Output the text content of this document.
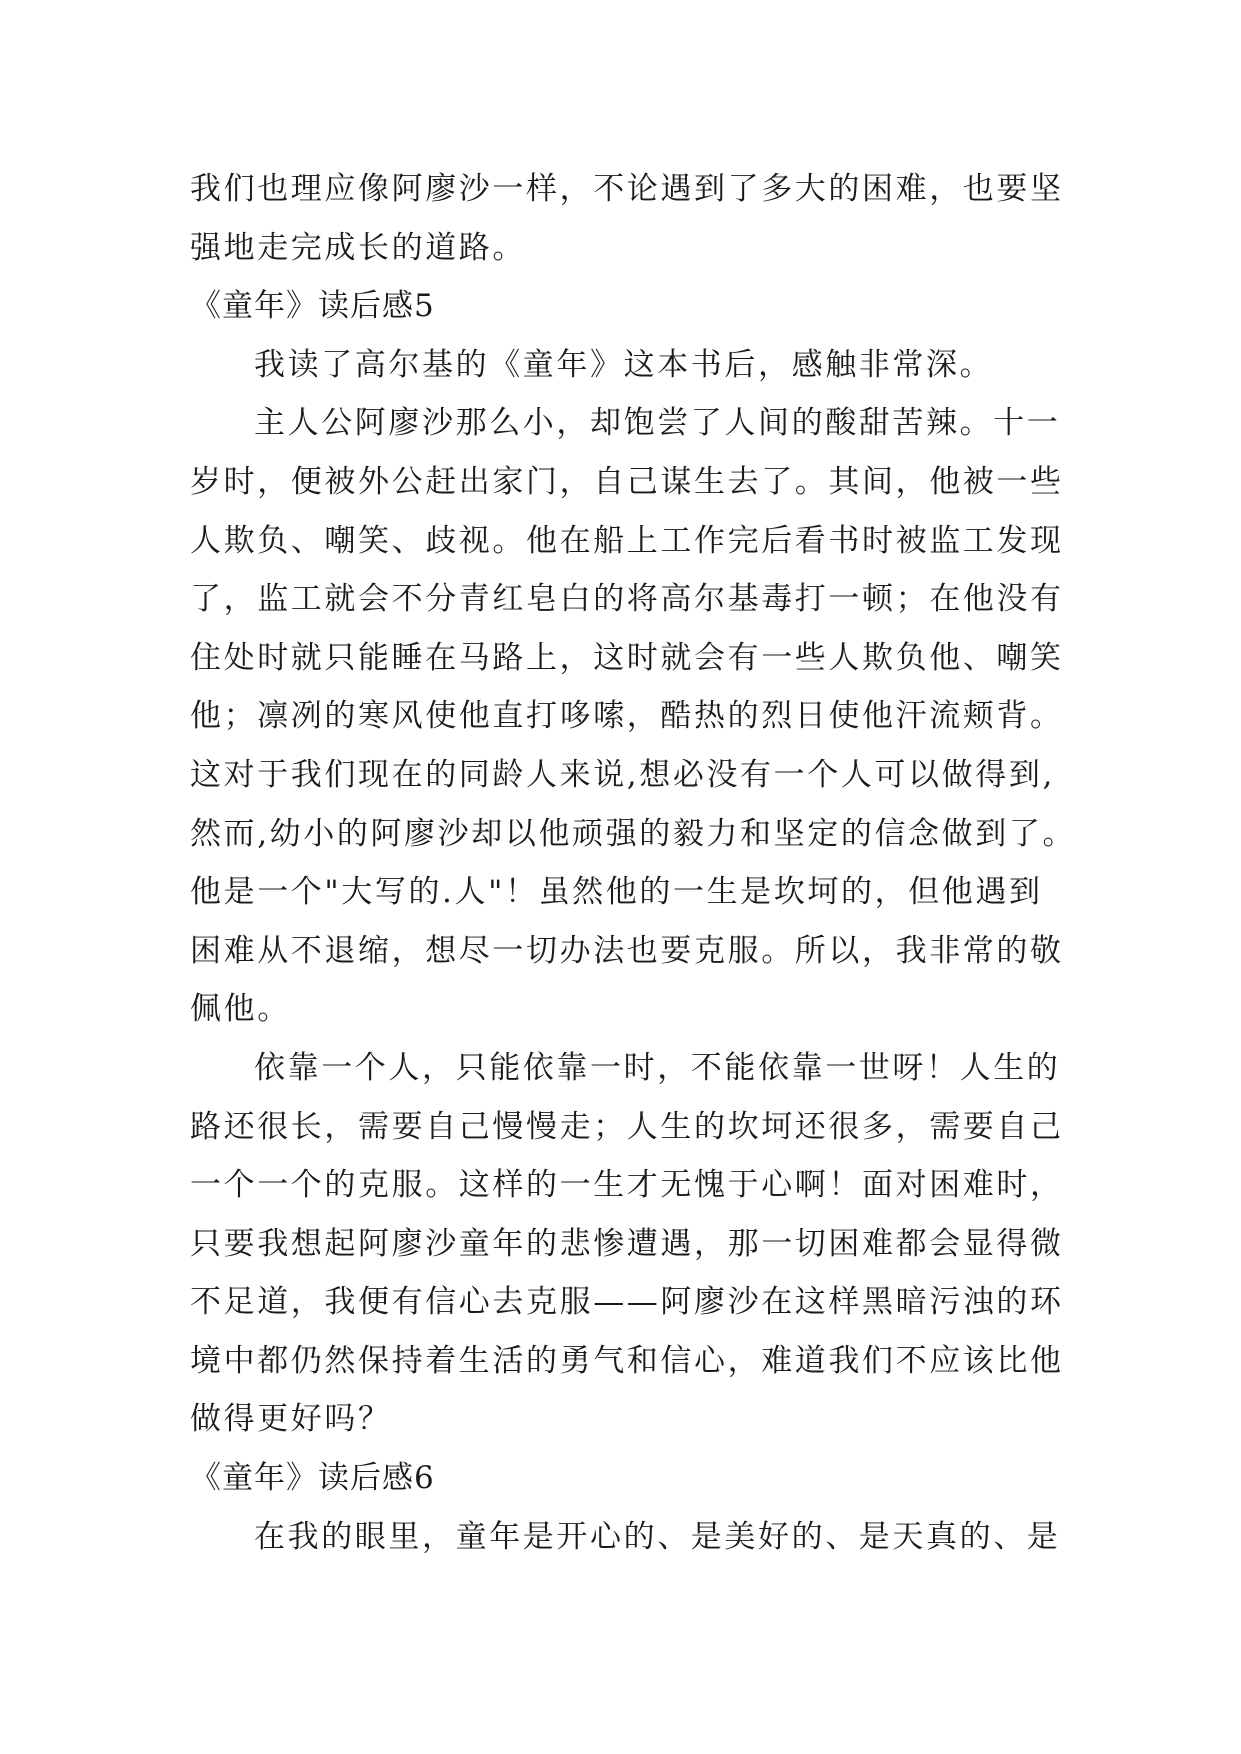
我们也理应像阿廖沙一样，不论遇到了多大的困难，也要坚
强地走完成长的道路。
《童年》读后感5
我读了高尔基的《童年》这本书后，感触非常深。
主人公阿廖沙那么小，却饱尝了人间的酸甜苦辣。十一
岁时，便被外公赶出家门，自己谋生去了。其间，他被一些
人欺负、嘲笑、歧视。他在船上工作完后看书时被监工发现
了，监工就会不分青红皂白的将高尔基毒打一顿；在他没有
住处时就只能睡在马路上，这时就会有一些人欺负他、嘲笑
他；凛冽的寒风使他直打哆嗦，酷热的烈日使他汗流颊背。
这对于我们现在的同龄人来说,想必没有一个人可以做得到,
然而,幼小的阿廖沙却以他顽强的毅力和坚定的信念做到了。
他是一个"大写的.人"！虽然他的一生是坎坷的，但他遇到
困难从不退缩，想尽一切办法也要克服。所以，我非常的敬
佩他。
依靠一个人，只能依靠一时，不能依靠一世呀！人生的
路还很长，需要自己慢慢走；人生的坎坷还很多，需要自己
一个一个的克服。这样的一生才无愧于心啊！面对困难时，
只要我想起阿廖沙童年的悲惨遭遇，那一切困难都会显得微
不足道，我便有信心去克服——阿廖沙在这样黑暗污浊的环
境中都仍然保持着生活的勇气和信心，难道我们不应该比他
做得更好吗？
《童年》读后感6
在我的眼里，童年是开心的、是美好的、是天真的、是
